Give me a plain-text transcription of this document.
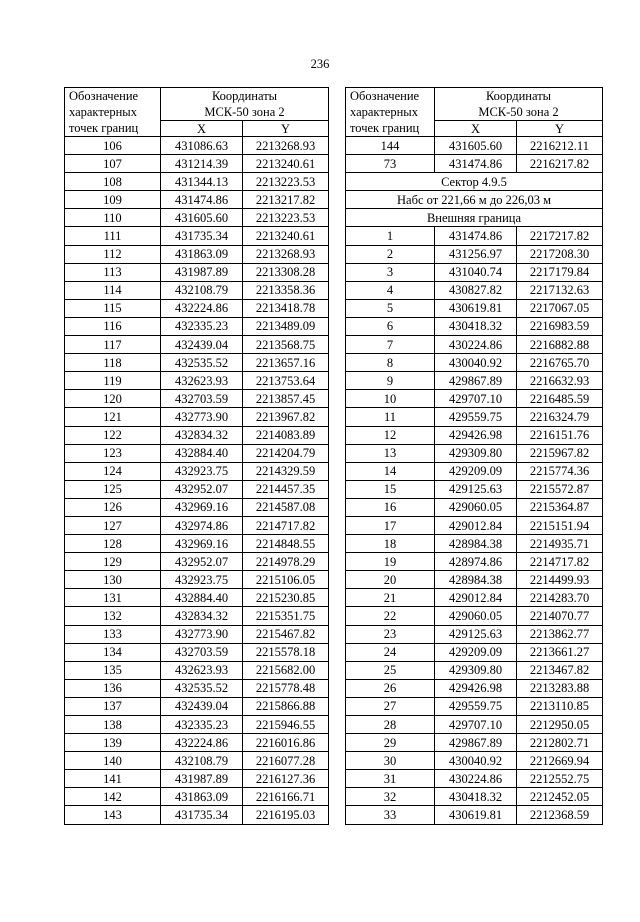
236
Обозначение
характерных
точек границ	Координаты
МСК-50 зона 2	

	X	Y
106	431086.63	2213268.93
107	431214.39	2213240.61
108	431344.13	2213223.53
109	431474.86	2213217.82
110	431605.60	2213223.53
111	431735.34	2213240.61
112	431863.09	2213268.93
113	431987.89	2213308.28
114	432108.79	2213358.36
115	432224.86	2213418.78
116	432335.23	2213489.09
117	432439.04	2213568.75
118	432535.52	2213657.16
119	432623.93	2213753.64
120	432703.59	2213857.45
121	432773.90	2213967.82
122	432834.32	2214083.89
123	432884.40	2214204.79
124	432923.75	2214329.59
125	432952.07	2214457.35
126	432969.16	2214587.08
127	432974.86	2214717.82
128	432969.16	2214848.55
129	432952.07	2214978.29
130	432923.75	2215106.05
131	432884.40	2215230.85
132	432834.32	2215351.75
133	432773.90	2215467.82
134	432703.59	2215578.18
135	432623.93	2215682.00
136	432535.52	2215778.48
137	432439.04	2215866.88
138	432335.23	2215946.55
139	432224.86	2216016.86
140	432108.79	2216077.28
141	431987.89	2216127.36
142	431863.09	2216166.71
143	431735.34	2216195.03
Обозначение
характерных
точек границ	Координаты
МСК-50 зона 2	

	X	Y
144	431605.60	2216212.11
73	431474.86	2216217.82
Сектор 4.9.5		
Набс от 221,66 м до 226,03 м		
Внешняя граница		
1	431474.86	2217217.82
2	431256.97	2217208.30
3	431040.74	2217179.84
4	430827.82	2217132.63
5	430619.81	2217067.05
6	430418.32	2216983.59
7	430224.86	2216882.88
8	430040.92	2216765.70
9	429867.89	2216632.93
10	429707.10	2216485.59
11	429559.75	2216324.79
12	429426.98	2216151.76
13	429309.80	2215967.82
14	429209.09	2215774.36
15	429125.63	2215572.87
16	429060.05	2215364.87
17	429012.84	2215151.94
18	428984.38	2214935.71
19	428974.86	2214717.82
20	428984.38	2214499.93
21	429012.84	2214283.70
22	429060.05	2214070.77
23	429125.63	2213862.77
24	429209.09	2213661.27
25	429309.80	2213467.82
26	429426.98	2213283.88
27	429559.75	2213110.85
28	429707.10	2212950.05
29	429867.89	2212802.71
30	430040.92	2212669.94
31	430224.86	2212552.75
32	430418.32	2212452.05
33	430619.81	2212368.59
